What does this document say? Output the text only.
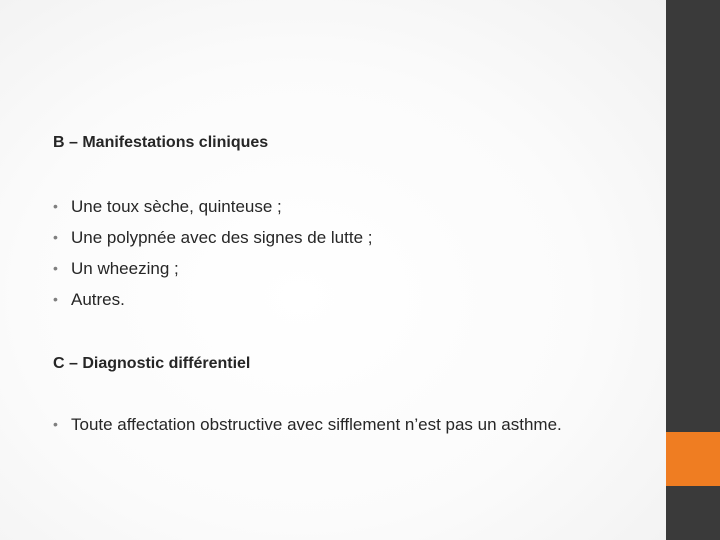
B – Manifestations cliniques
• Une toux sèche, quinteuse ;
• Une polypnée avec des signes de lutte ;
• Un wheezing ;
• Autres.
C – Diagnostic différentiel
• Toute affectation obstructive avec sifflement n’est pas un asthme.
